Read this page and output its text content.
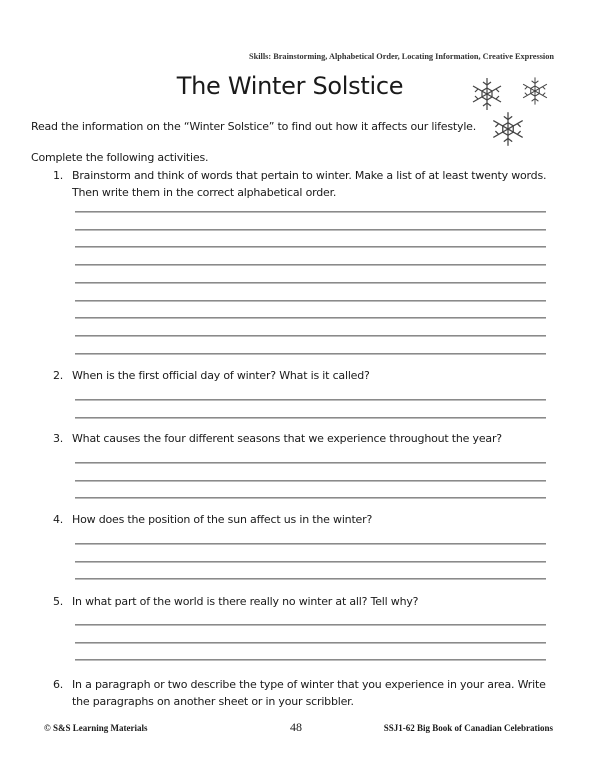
Skills: Brainstorming, Alphabetical Order, Locating Information, Creative Expression
The Winter Solstice
Read the information on the “Winter Solstice” to find out how it affects our lifestyle.
Complete the following activities.
1. Brainstorm and think of words that pertain to winter. Make a list of at least twenty words.
Then write them in the correct alphabetical order.
2. When is the first official day of winter? What is it called?
3. What causes the four different seasons that we experience throughout the year?
4. How does the position of the sun affect us in the winter?
5. In what part of the world is there really no winter at all? Tell why?
6. In a paragraph or two describe the type of winter that you experience in your area. Write
the paragraphs on another sheet or in your scribbler.
© S&S Learning Materials	48	SSJ1-62 Big Book of Canadian Celebrations
